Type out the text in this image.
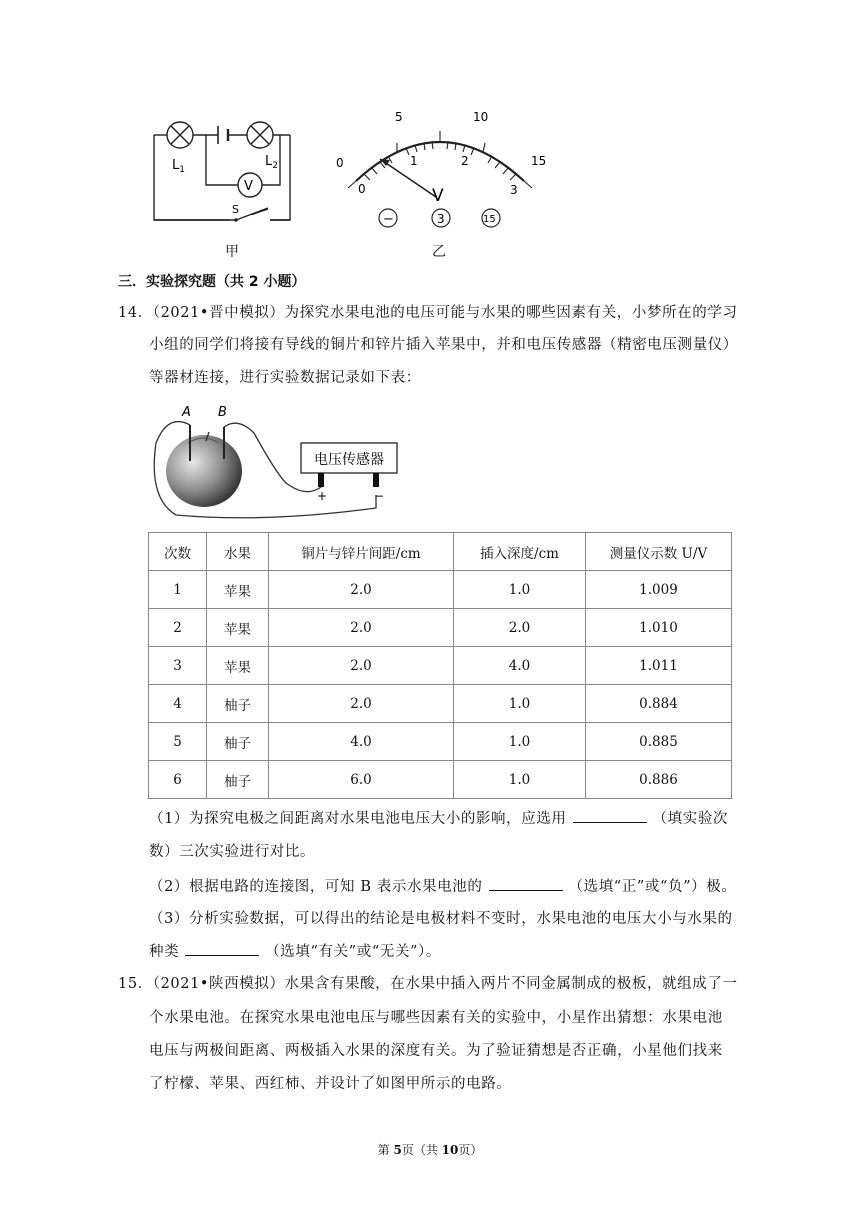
$L_1$
$L_2$
V
S
甲
0
5	10
15
0
1	2
3
V
−	3	15
乙
三．实验探究题（共 2 小题）
14．（2021•晋中模拟）为探究水果电池的电压可能与水果的哪些因素有关，小梦所在的学习
小组的同学们将接有导线的铜片和锌片插入苹果中，并和电压传感器（精密电压测量仪）
等器材连接，进行实验数据记录如下表：
A B
电压传感器
+	−
次数	水果	铜片与锌片间距/cm	插入深度/cm	测量仪示数 U/V
1	苹果	2.0	1.0	1.009
2	苹果	2.0	2.0	1.010
3	苹果	2.0	4.0	1.011
4	柚子	2.0	1.0	0.884
5	柚子	4.0	1.0	0.885
6	柚子	6.0	1.0	0.886
（1）为探究电极之间距离对水果电池电压大小的影响，应选用	（填实验次
数）三次实验进行对比。
（2）根据电路的连接图，可知 B 表示水果电池的	（选填“正”或“负”）极。
（3）分析实验数据，可以得出的结论是电极材料不变时，水果电池的电压大小与水果的
种类	（选填“有关”或“无关”）。
15．（2021•陕西模拟）水果含有果酸，在水果中插入两片不同金属制成的极板，就组成了一
个水果电池。在探究水果电池电压与哪些因素有关的实验中，小星作出猜想：水果电池
电压与两极间距离、两极插入水果的深度有关。为了验证猜想是否正确，小星他们找来
了柠檬、苹果、西红柿、并设计了如图甲所示的电路。
第 5页（共 10页）
